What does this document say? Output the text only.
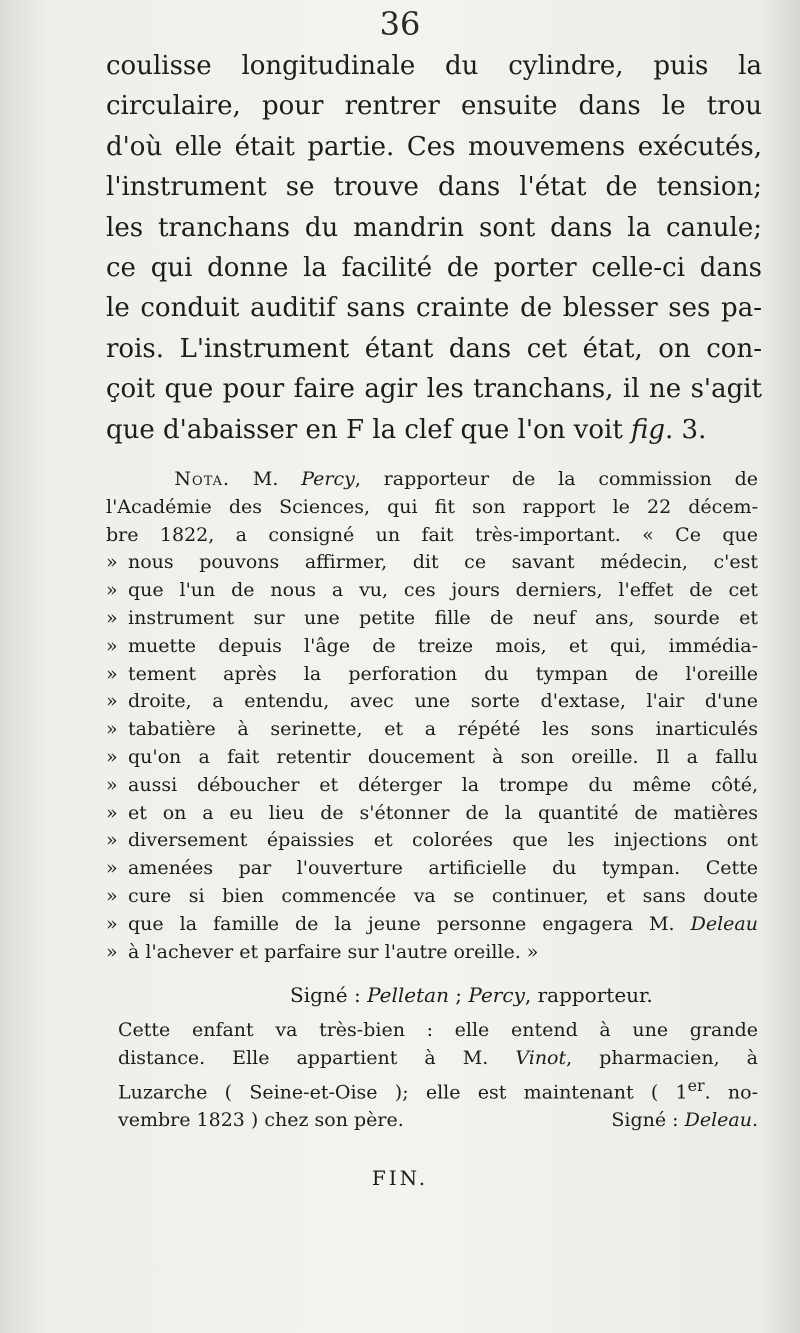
36
coulisse longitudinale du cylindre, puis la
circulaire, pour rentrer ensuite dans le trou
d'où elle était partie. Ces mouvemens exécutés,
l'instrument se trouve dans l'état de tension;
les tranchans du mandrin sont dans la canule;
ce qui donne la facilité de porter celle-ci dans
le conduit auditif sans crainte de blesser ses pa-
rois. L'instrument étant dans cet état, on con-
çoit que pour faire agir les tranchans, il ne s'agit
que d'abaisser en F la clef que l'on voit fig. 3.
Nota. M. Percy, rapporteur de la commission de
l'Académie des Sciences, qui fit son rapport le 22 décem-
bre 1822, a consigné un fait très-important. « Ce que
» nous pouvons affirmer, dit ce savant médecin, c'est
» que l'un de nous a vu, ces jours derniers, l'effet de cet
» instrument sur une petite fille de neuf ans, sourde et
» muette depuis l'âge de treize mois, et qui, immédia-
» tement après la perforation du tympan de l'oreille
» droite, a entendu, avec une sorte d'extase, l'air d'une
» tabatière à serinette, et a répété les sons inarticulés
» qu'on a fait retentir doucement à son oreille. Il a fallu
» aussi déboucher et déterger la trompe du même côté,
» et on a eu lieu de s'étonner de la quantité de matières
» diversement épaissies et colorées que les injections ont
» amenées par l'ouverture artificielle du tympan. Cette
» cure si bien commencée va se continuer, et sans doute
» que la famille de la jeune personne engagera M. Deleau
» à l'achever et parfaire sur l'autre oreille. »
Signé : Pelletan ; Percy, rapporteur.
Cette enfant va très-bien : elle entend à une grande
distance. Elle appartient à M. Vinot, pharmacien, à
Luzarche ( Seine-et-Oise ); elle est maintenant ( 1er. no-
vembre 1823 ) chez son père.	Signé : Deleau.
FIN.
